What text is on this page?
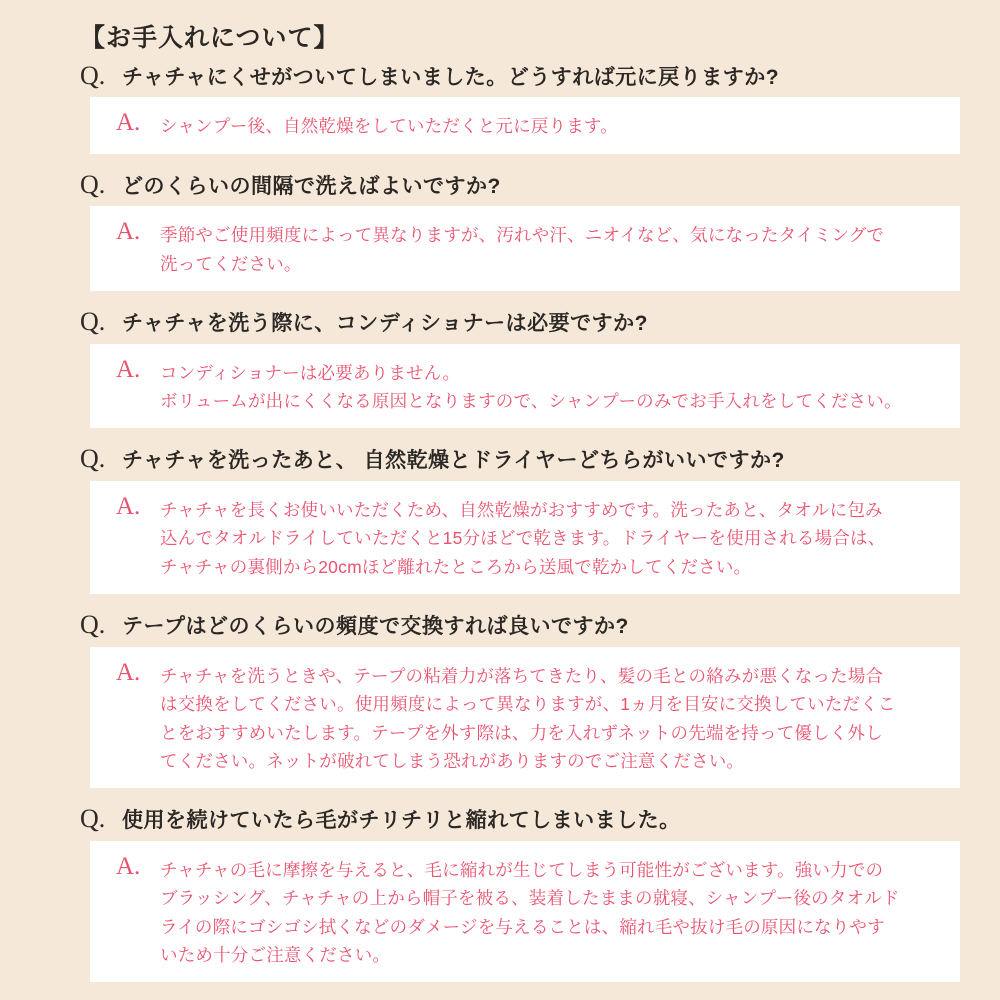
【お手入れについて】
Q. チャチャにくせがついてしまいました。どうすれば元に戻りますか?
A.	シャンプー後、自然乾燥をしていただくと元に戻ります。
Q. どのくらいの間隔で洗えばよいですか?
A.	季節やご使用頻度によって異なりますが、汚れや汗、ニオイなど、気になったタイミングで
洗ってください。
Q. チャチャを洗う際に、コンディショナーは必要ですか?
A.	コンディショナーは必要ありません。
ボリュームが出にくくなる原因となりますので、シャンプーのみでお手入れをしてください。
Q. チャチャを洗ったあと、 自然乾燥とドライヤーどちらがいいですか?
A.	チャチャを長くお使いいただくため、自然乾燥がおすすめです。洗ったあと、タオルに包み
込んでタオルドライしていただくと15分ほどで乾きます。ドライヤーを使用される場合は、
チャチャの裏側から20cmほど離れたところから送風で乾かしてください。
Q. テープはどのくらいの頻度で交換すれば良いですか?
A.	チャチャを洗うときや、テープの粘着力が落ちてきたり、髪の毛との絡みが悪くなった場合
は交換をしてください。使用頻度によって異なりますが、1ヵ月を目安に交換していただくこ
とをおすすめいたします。テープを外す際は、力を入れずネットの先端を持って優しく外し
てください。ネットが破れてしまう恐れがありますのでご注意ください。
Q. 使用を続けていたら毛がチリチリと縮れてしまいました。
A.	チャチャの毛に摩擦を与えると、毛に縮れが生じてしまう可能性がございます。強い力での
ブラッシング、チャチャの上から帽子を被る、装着したままの就寝、シャンプー後のタオルド
ライの際にゴシゴシ拭くなどのダメージを与えることは、縮れ毛や抜け毛の原因になりやす
いため十分ご注意ください。
